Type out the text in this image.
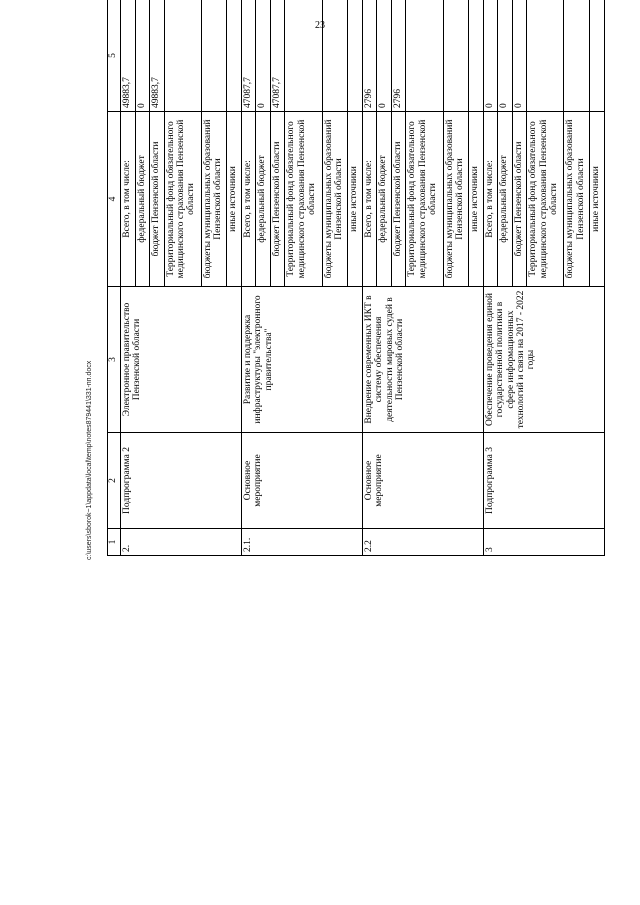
23
1	2	3	4	5		
2.	Подпрограмма 2	Электронное правительство Пензенской области	Всего, в том числе:	49883,7		
			федеральный бюджет	0		
			бюджет Пензенской области	49883,7		
			Территориальный фонд обязательного медицинского страхования Пензенской области			
			бюджеты муниципальных образований Пензенской области			
			иные источники			
2.1.	Основное мероприятие	Развитие и поддержка инфраструктуры "электронного правительства"	Всего, в том числе:	47087,7		
			федеральный бюджет	0		
			бюджет Пензенской области	47087,7		
			Территориальный фонд обязательного медицинского страхования Пензенской области			
			бюджеты муниципальных образований Пензенской области			
			иные источники			
2.2	Основное мероприятие	Внедрение современных ИКТ в систему обеспечения деятельности мировых судей в Пензенской области	Всего, в том числе:	2796		
			федеральный бюджет	0		
			бюджет Пензенской области	2796		
			Территориальный фонд обязательного медицинского страхования Пензенской области			
			бюджеты муниципальных образований Пензенской области			
			иные источники			
3	Подпрограмма 3	Обеспечение проведения единой государственной политики в сфере информационных технологий и связи на 2017 - 2022 годы	Всего, в том числе:	0		
			федеральный бюджет	0		
			бюджет Пензенской области	0		
			Территориальный фонд обязательного медицинского страхования Пензенской области			
			бюджеты муниципальных образований Пензенской области			
			иные источники			
c:\users\sborok~1\appdata\local\temp\notes879441\331-пп.docx
